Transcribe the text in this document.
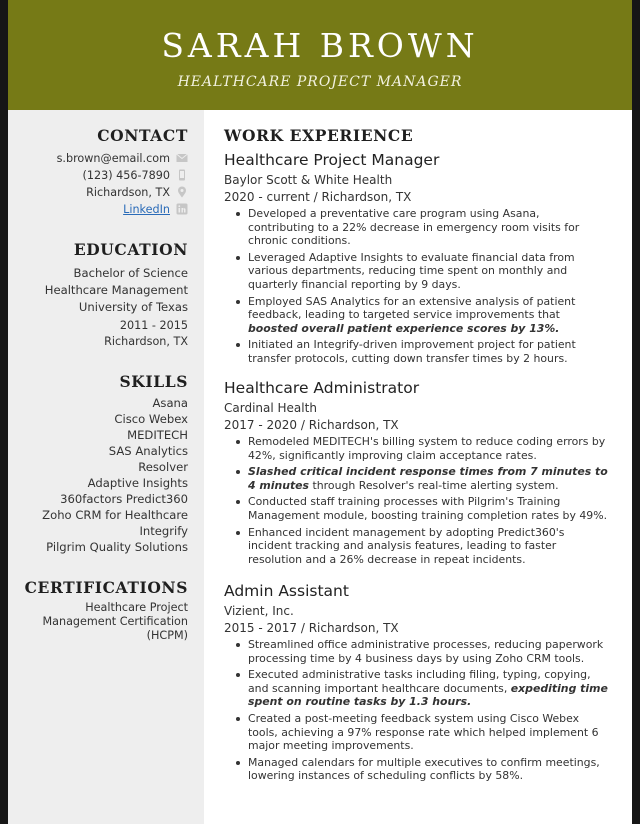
SARAH BROWN
HEALTHCARE PROJECT MANAGER
CONTACT
s.brown@email.com
(123) 456-7890
Richardson, TX
LinkedIn
EDUCATION
Bachelor of Science
Healthcare Management
University of Texas
2011 - 2015
Richardson, TX
SKILLS
Asana
Cisco Webex
MEDITECH
SAS Analytics
Resolver
Adaptive Insights
360factors Predict360
Zoho CRM for Healthcare
Integrify
Pilgrim Quality Solutions
CERTIFICATIONS
Healthcare Project
Management Certification
(HCPM)
WORK EXPERIENCE
Healthcare Project Manager
Baylor Scott & White Health
2020 - current / Richardson, TX
Developed a preventative care program using Asana, contributing to a 22% decrease in emergency room visits for chronic conditions.
Leveraged Adaptive Insights to evaluate financial data from various departments, reducing time spent on monthly and quarterly financial reporting by 9 days.
Employed SAS Analytics for an extensive analysis of patient feedback, leading to targeted service improvements that boosted overall patient experience scores by 13%.
Initiated an Integrify-driven improvement project for patient transfer protocols, cutting down transfer times by 2 hours.
Healthcare Administrator
Cardinal Health
2017 - 2020 / Richardson, TX
Remodeled MEDITECH's billing system to reduce coding errors by 42%, significantly improving claim acceptance rates.
Slashed critical incident response times from 7 minutes to 4 minutes through Resolver's real-time alerting system.
Conducted staff training processes with Pilgrim's Training Management module, boosting training completion rates by 49%.
Enhanced incident management by adopting Predict360's incident tracking and analysis features, leading to faster resolution and a 26% decrease in repeat incidents.
Admin Assistant
Vizient, Inc.
2015 - 2017 / Richardson, TX
Streamlined office administrative processes, reducing paperwork processing time by 4 business days by using Zoho CRM tools.
Executed administrative tasks including filing, typing, copying, and scanning important healthcare documents, expediting time spent on routine tasks by 1.3 hours.
Created a post-meeting feedback system using Cisco Webex tools, achieving a 97% response rate which helped implement 6 major meeting improvements.
Managed calendars for multiple executives to confirm meetings, lowering instances of scheduling conflicts by 58%.
